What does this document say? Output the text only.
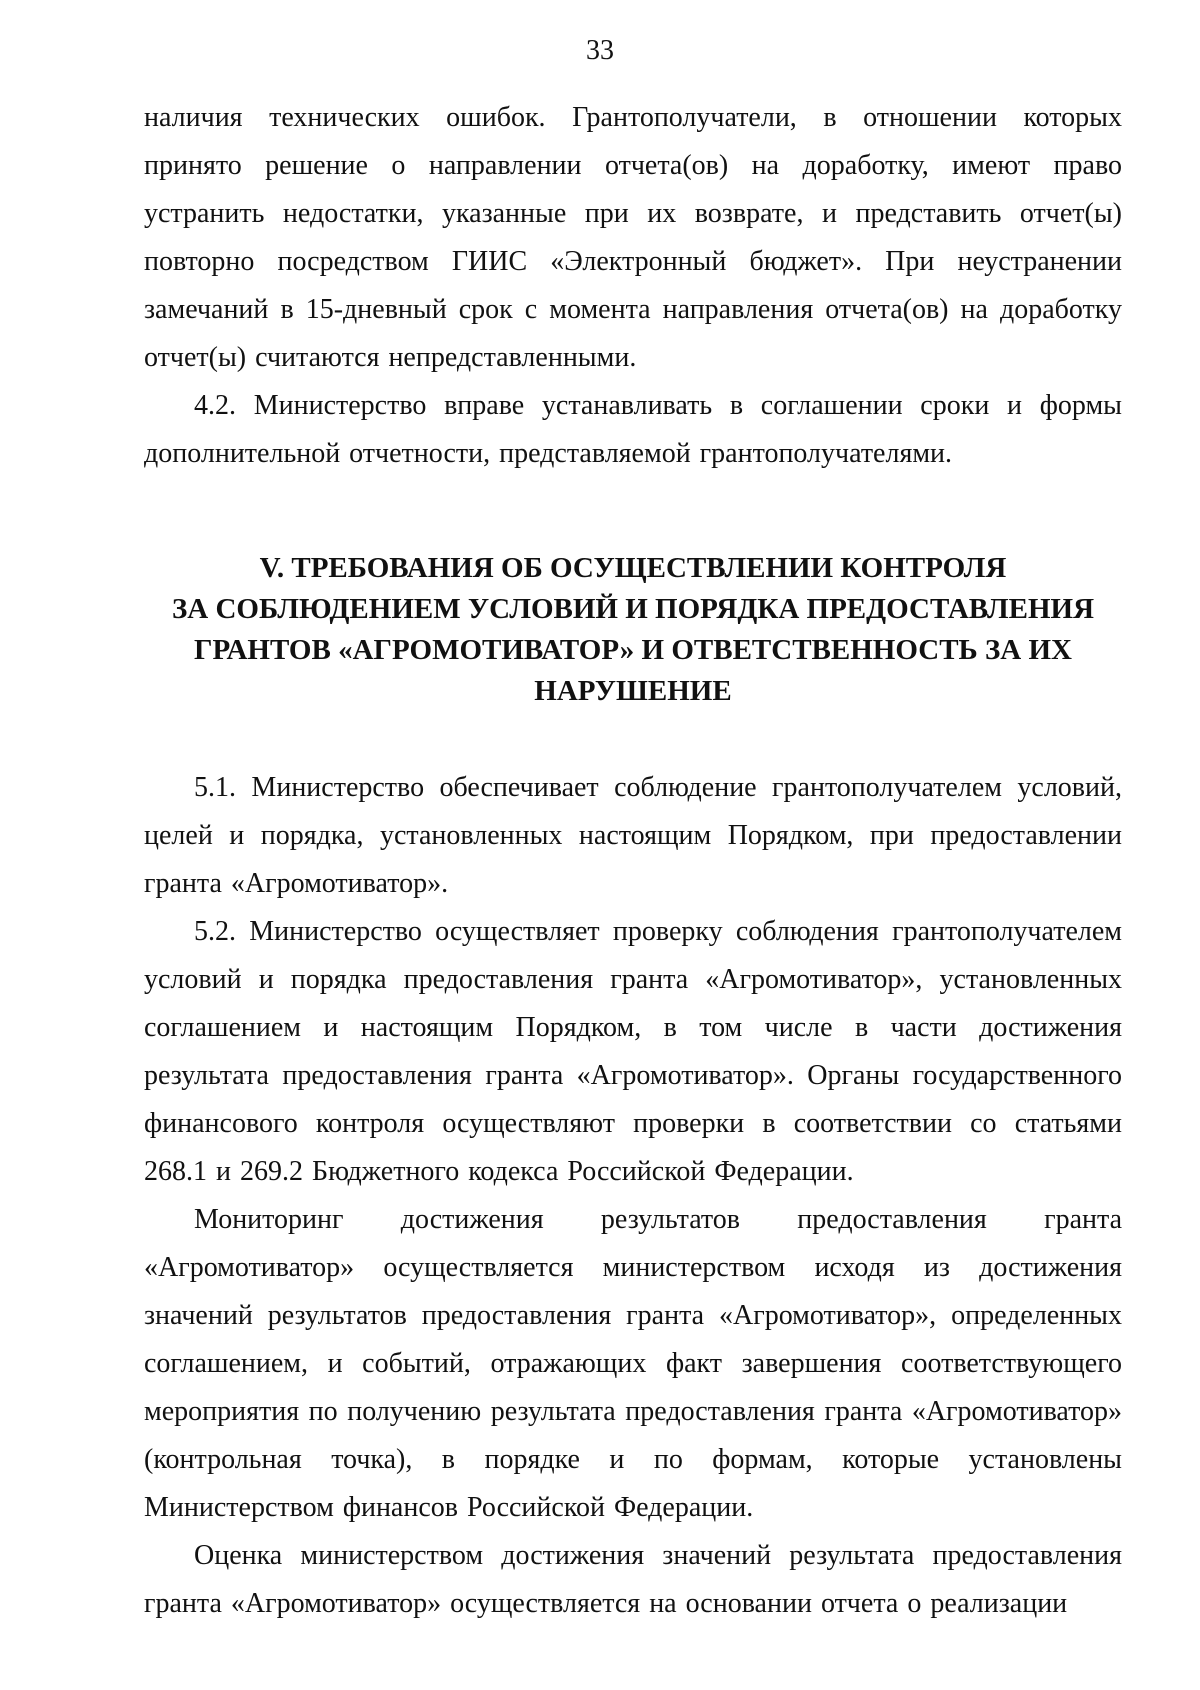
33

наличия технических ошибок. Грантополучатели, в отношении которых принято решение о направлении отчета(ов) на доработку, имеют право устранить недостатки, указанные при их возврате, и представить отчет(ы) повторно посредством ГИИС «Электронный бюджет». При неустранении замечаний в 15-дневный срок с момента направления отчета(ов) на доработку отчет(ы) считаются непредставленными.

4.2. Министерство вправе устанавливать в соглашении сроки и формы дополнительной отчетности, представляемой грантополучателями.

V. ТРЕБОВАНИЯ ОБ ОСУЩЕСТВЛЕНИИ КОНТРОЛЯ
ЗА СОБЛЮДЕНИЕМ УСЛОВИЙ И ПОРЯДКА ПРЕДОСТАВЛЕНИЯ
ГРАНТОВ «АГРОМОТИВАТОР» И ОТВЕТСТВЕННОСТЬ ЗА ИХ
НАРУШЕНИЕ

5.1. Министерство обеспечивает соблюдение грантополучателем условий, целей и порядка, установленных настоящим Порядком, при предоставлении гранта «Агромотиватор».

5.2. Министерство осуществляет проверку соблюдения грантополучателем условий и порядка предоставления гранта «Агромотиватор», установленных соглашением и настоящим Порядком, в том числе в части достижения результата предоставления гранта «Агромотиватор». Органы государственного финансового контроля осуществляют проверки в соответствии со статьями 268.1 и 269.2 Бюджетного кодекса Российской Федерации.

Мониторинг достижения результатов предоставления гранта «Агромотиватор» осуществляется министерством исходя из достижения значений результатов предоставления гранта «Агромотиватор», определенных соглашением, и событий, отражающих факт завершения соответствующего мероприятия по получению результата предоставления гранта «Агромотиватор» (контрольная точка), в порядке и по формам, которые установлены Министерством финансов Российской Федерации.

Оценка министерством достижения значений результата предоставления гранта «Агромотиватор» осуществляется на основании отчета о реализации
